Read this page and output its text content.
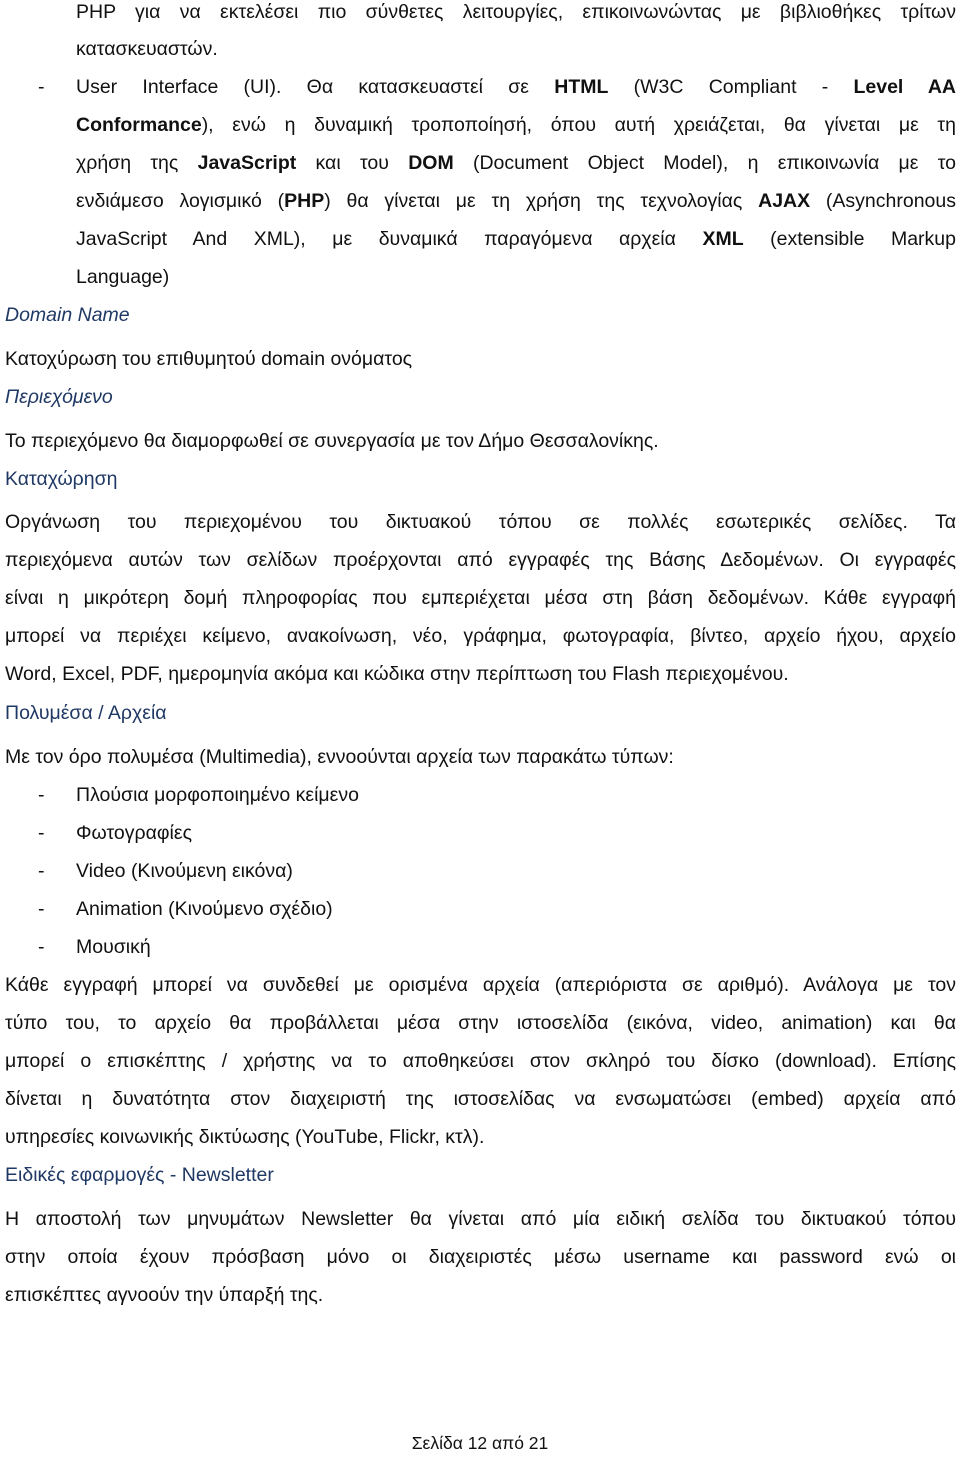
PHP για να εκτελέσει πιο σύνθετες λειτουργίες, επικοινωνώντας με βιβλιοθήκες τρίτων
κατασκευαστών.
- User Interface (UI). Θα κατασκευαστεί σε HTML (W3C Compliant - Level AA
Conformance), ενώ η δυναμική τροποποίησή, όπου αυτή χρειάζεται, θα γίνεται με τη
χρήση της JavaScript και του DOM (Document Object Model), η επικοινωνία με το
ενδιάμεσο λογισμικό (PHP) θα γίνεται με τη χρήση της τεχνολογίας AJAX (Asynchronous
JavaScript And XML), με δυναμικά παραγόμενα αρχεία XML (extensible Markup
Language)
Domain Name
Κατοχύρωση του επιθυμητού domain ονόματος
Περιεχόμενο
Το περιεχόμενο θα διαμορφωθεί σε συνεργασία με τον Δήμο Θεσσαλονίκης.
Καταχώρηση
Οργάνωση του περιεχομένου του δικτυακού τόπου σε πολλές εσωτερικές σελίδες. Τα
περιεχόμενα αυτών των σελίδων προέρχονται από εγγραφές της Βάσης Δεδομένων. Οι εγγραφές
είναι η μικρότερη δομή πληροφορίας που εμπεριέχεται μέσα στη βάση δεδομένων. Κάθε εγγραφή
μπορεί να περιέχει κείμενο, ανακοίνωση, νέο, γράφημα, φωτογραφία, βίντεο, αρχείο ήχου, αρχείο
Word, Excel, PDF, ημερομηνία ακόμα και κώδικα στην περίπτωση του Flash περιεχομένου.
Πολυμέσα / Αρχεία
Με τον όρο πολυμέσα (Multimedia), εννοούνται αρχεία των παρακάτω τύπων:
- Πλούσια μορφοποιημένο κείμενο
- Φωτογραφίες
- Video (Κινούμενη εικόνα)
- Animation (Κινούμενο σχέδιο)
- Μουσική
Κάθε εγγραφή μπορεί να συνδεθεί με ορισμένα αρχεία (απεριόριστα σε αριθμό). Ανάλογα με τον
τύπο του, το αρχείο θα προβάλλεται μέσα στην ιστοσελίδα (εικόνα, video, animation) και θα
μπορεί ο επισκέπτης / χρήστης να το αποθηκεύσει στον σκληρό του δίσκο (download). Επίσης
δίνεται η δυνατότητα στον διαχειριστή της ιστοσελίδας να ενσωματώσει (embed) αρχεία από
υπηρεσίες κοινωνικής δικτύωσης (YouTube, Flickr, κτλ).
Ειδικές εφαρμογές - Newsletter
Η αποστολή των μηνυμάτων Newsletter θα γίνεται από μία ειδική σελίδα του δικτυακού τόπου
στην οποία έχουν πρόσβαση μόνο οι διαχειριστές μέσω username και password ενώ οι
επισκέπτες αγνοούν την ύπαρξή της.
Σελίδα 12 από 21
